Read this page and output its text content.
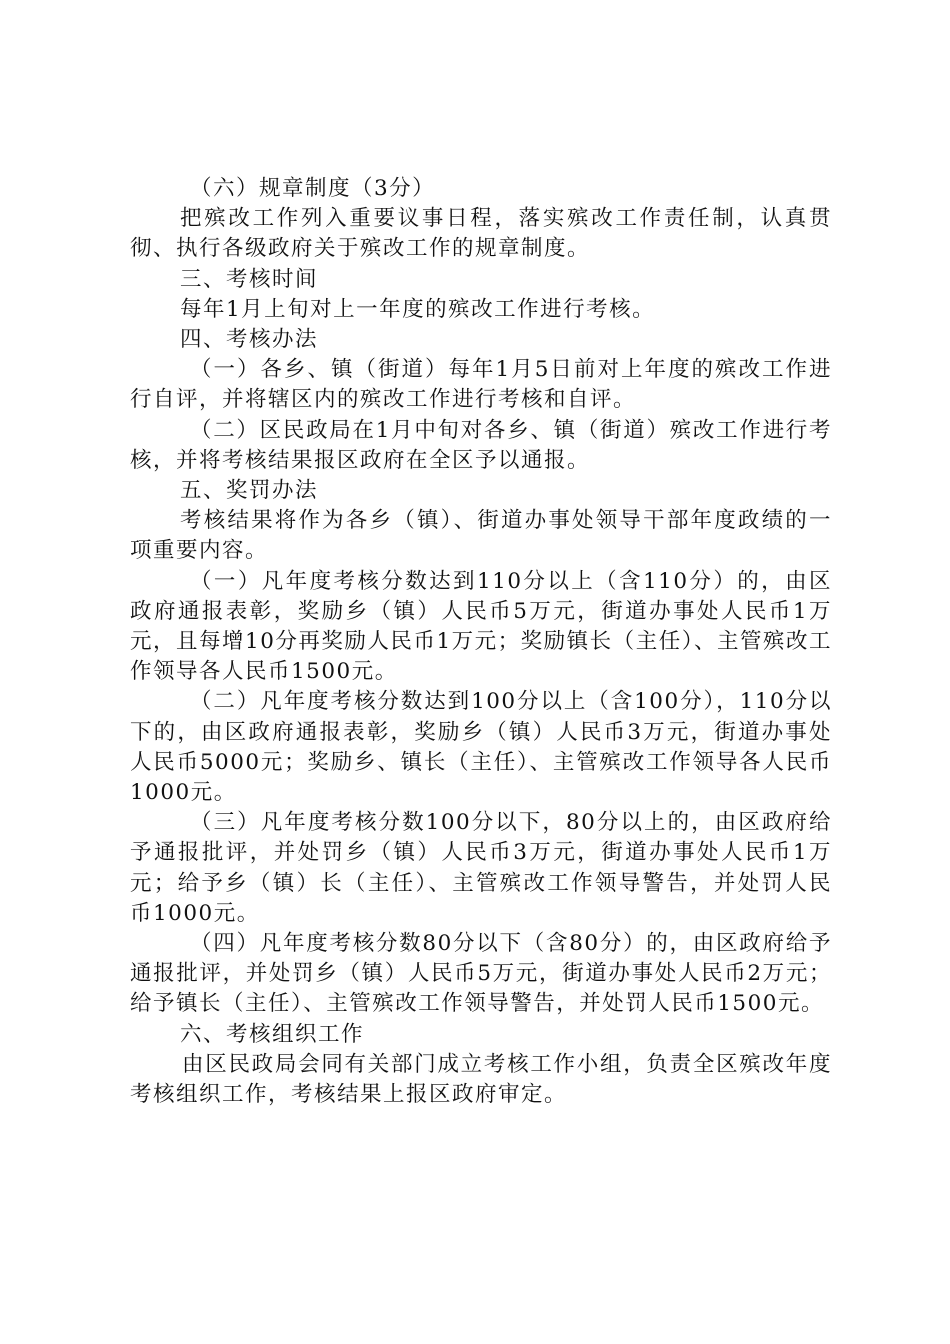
（六）规章制度（3分）

把殡改工作列入重要议事日程，落实殡改工作责任制，认真贯彻、执行各级政府关于殡改工作的规章制度。

三、考核时间

每年1月上旬对上一年度的殡改工作进行考核。

四、考核办法

（一）各乡、镇（街道）每年1月5日前对上年度的殡改工作进行自评，并将辖区内的殡改工作进行考核和自评。

（二）区民政局在1月中旬对各乡、镇（街道）殡改工作进行考核，并将考核结果报区政府在全区予以通报。

五、奖罚办法

考核结果将作为各乡（镇）、街道办事处领导干部年度政绩的一项重要内容。

（一）凡年度考核分数达到110分以上（含110分）的，由区政府通报表彰，奖励乡（镇）人民币5万元，街道办事处人民币1万元，且每增10分再奖励人民币1万元；奖励镇长（主任）、主管殡改工作领导各人民币1500元。

（二）凡年度考核分数达到100分以上（含100分），110分以下的，由区政府通报表彰，奖励乡（镇）人民币3万元，街道办事处人民币5000元；奖励乡、镇长（主任）、主管殡改工作领导各人民币1000元。

（三）凡年度考核分数100分以下，80分以上的，由区政府给予通报批评，并处罚乡（镇）人民币3万元，街道办事处人民币1万元；给予乡（镇）长（主任）、主管殡改工作领导警告，并处罚人民币1000元。

（四）凡年度考核分数80分以下（含80分）的，由区政府给予通报批评，并处罚乡（镇）人民币5万元，街道办事处人民币2万元；给予镇长（主任）、主管殡改工作领导警告，并处罚人民币1500元。

六、考核组织工作

由区民政局会同有关部门成立考核工作小组，负责全区殡改年度考核组织工作，考核结果上报区政府审定。
